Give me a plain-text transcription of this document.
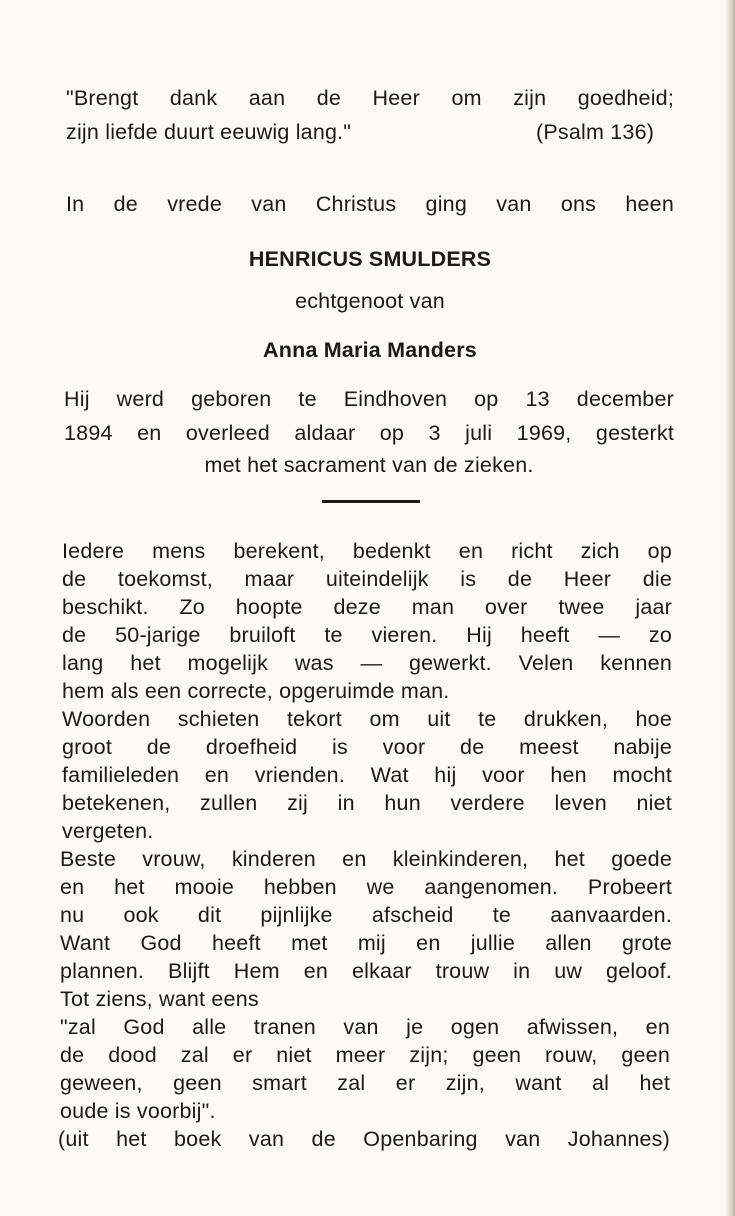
"Brengt dank aan de Heer om zijn goedheid;
zijn liefde duurt eeuwig lang."	(Psalm 136)
In de vrede van Christus ging van ons heen
HENRICUS SMULDERS
echtgenoot van
Anna Maria Manders
Hij werd geboren te Eindhoven op 13 december
1894 en overleed aldaar op 3 juli 1969, gesterkt
met het sacrament van de zieken.
Iedere mens berekent, bedenkt en richt zich op
de toekomst, maar uiteindelijk is de Heer die
beschikt. Zo hoopte deze man over twee jaar
de 50-jarige bruiloft te vieren. Hij heeft — zo
lang het mogelijk was — gewerkt. Velen kennen
hem als een correcte, opgeruimde man.
Woorden schieten tekort om uit te drukken, hoe
groot de droefheid is voor de meest nabije
familieleden en vrienden. Wat hij voor hen mocht
betekenen, zullen zij in hun verdere leven niet
vergeten.
Beste vrouw, kinderen en kleinkinderen, het goede
en het mooie hebben we aangenomen. Probeert
nu ook dit pijnlijke afscheid te aanvaarden.
Want God heeft met mij en jullie allen grote
plannen. Blijft Hem en elkaar trouw in uw geloof.
Tot ziens, want eens
"zal God alle tranen van je ogen afwissen, en
de dood zal er niet meer zijn; geen rouw, geen
geween, geen smart zal er zijn, want al het
oude is voorbij".
(uit het boek van de Openbaring van Johannes)
